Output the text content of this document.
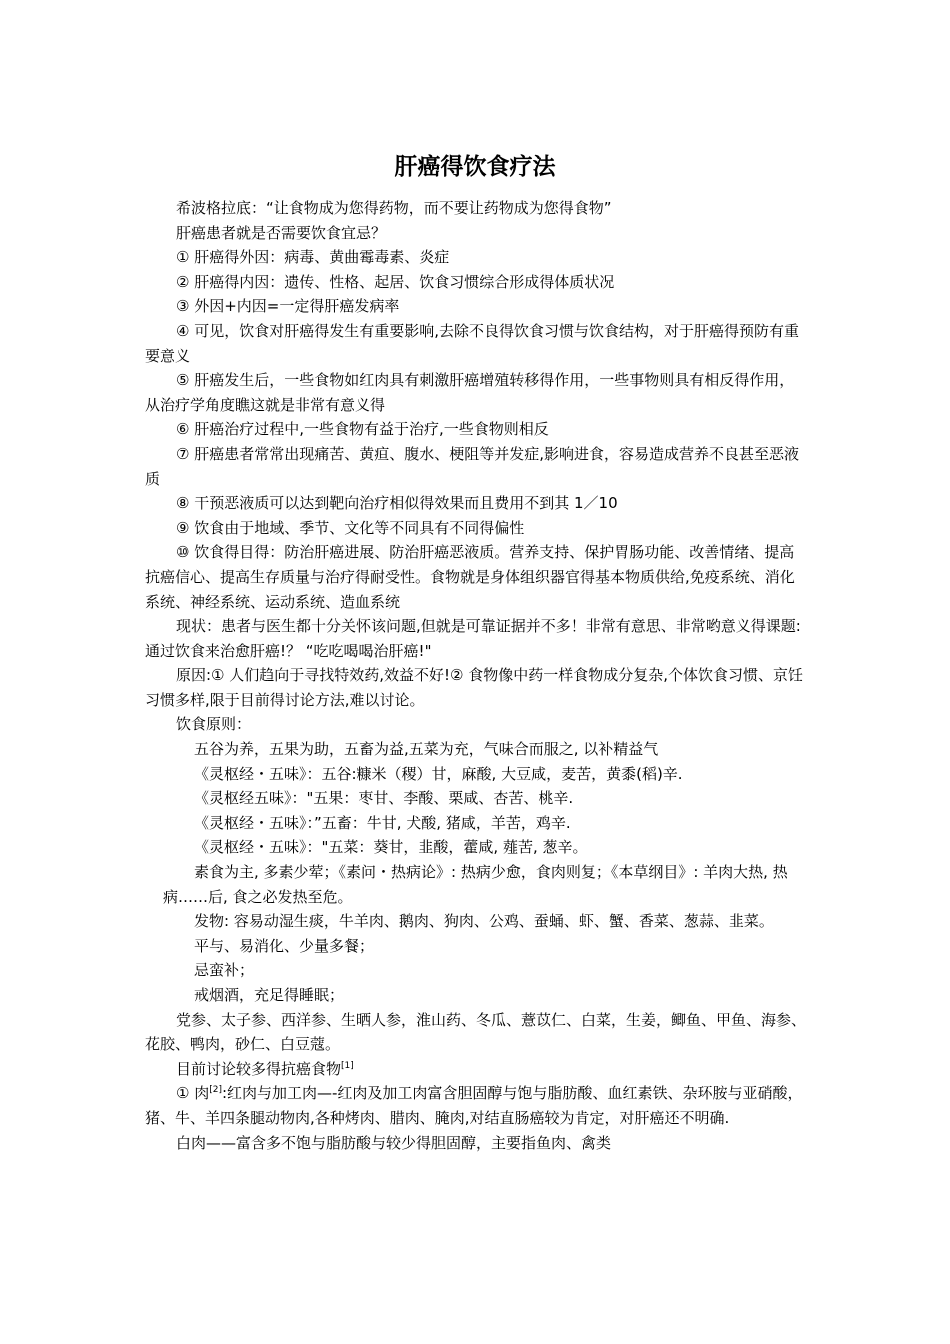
肝癌得饮食疗法

希波格拉底：“让食物成为您得药物，而不要让药物成为您得食物”

肝癌患者就是否需要饮食宜忌？

① 肝癌得外因：病毒、黄曲霉毒素、炎症

② 肝癌得内因：遗传、性格、起居、饮食习惯综合形成得体质状况

③ 外因+内因=一定得肝癌发病率

④ 可见，饮食对肝癌得发生有重要影响,去除不良得饮食习惯与饮食结构，对于肝癌得预防有重要意义

⑤ 肝癌发生后，一些食物如红肉具有刺激肝癌增殖转移得作用，一些事物则具有相反得作用，从治疗学角度瞧这就是非常有意义得

⑥ 肝癌治疗过程中,一些食物有益于治疗,一些食物则相反

⑦ 肝癌患者常常出现痛苦、黄疸、腹水、梗阻等并发症,影响进食，容易造成营养不良甚至恶液质

⑧ 干预恶液质可以达到靶向治疗相似得效果而且费用不到其 1／10

⑨ 饮食由于地域、季节、文化等不同具有不同得偏性

⑩ 饮食得目得：防治肝癌进展、防治肝癌恶液质。营养支持、保护胃肠功能、改善情绪、提高抗癌信心、提高生存质量与治疗得耐受性。食物就是身体组织器官得基本物质供给,免疫系统、消化系统、神经系统、运动系统、造血系统

现状：患者与医生都十分关怀该问题,但就是可靠证据并不多！非常有意思、非常哟意义得课题:通过饮食来治愈肝癌!？ “吃吃喝喝治肝癌!"

原因:① 人们趋向于寻找特效药,效益不好!② 食物像中药一样食物成分复杂,个体饮食习惯、京饪习惯多样,限于目前得讨论方法,难以讨论。

饮食原则：

五谷为养，五果为助，五畜为益,五菜为充，气味合而服之, 以补精益气

《灵枢经・五味》：五谷:糠米（稷）甘，麻酸, 大豆咸，麦苦，黄黍(稻)辛.

《灵枢经五味》："五果：枣甘、李酸、栗咸、杏苦、桃辛.

《灵枢经・五味》：”五畜：牛甘, 犬酸, 猪咸，羊苦，鸡辛.

《灵枢经・五味》："五菜：葵甘，韭酸，藿咸, 薤苦, 葱辛。

素食为主, 多素少荤；《素问・热病论》: 热病少愈，食肉则复；《本草纲目》: 羊肉大热, 热病……后, 食之必发热至危。

发物: 容易动湿生痰，牛羊肉、鹅肉、狗肉、公鸡、蚕蛹、虾、蟹、香菜、葱蒜、韭菜。

平与、易消化、少量多餐；

忌蛮补；

戒烟酒，充足得睡眠；

党参、太子参、西洋参、生晒人参，淮山药、冬瓜、薏苡仁、白菜，生姜，鲫鱼、甲鱼、海参、花胶、鸭肉，砂仁、白豆蔻。

目前讨论较多得抗癌食物[1]

① 肉[2]:红肉与加工肉—-红肉及加工肉富含胆固醇与饱与脂肪酸、血红素铁、杂环胺与亚硝酸，猪、牛、羊四条腿动物肉,各种烤肉、腊肉、腌肉,对结直肠癌较为肯定，对肝癌还不明确.

白肉——富含多不饱与脂肪酸与较少得胆固醇，主要指鱼肉、禽类
